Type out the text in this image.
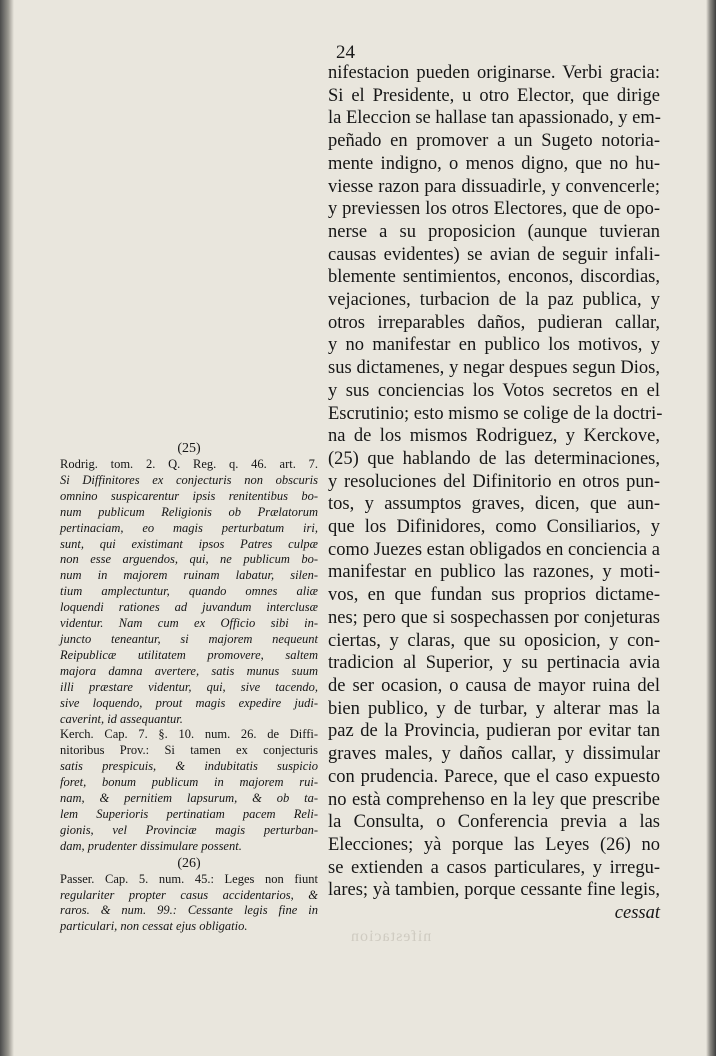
24
nifestacion pueden originarse. Verbi gracia:
Si el Presidente, u otro Elector, que dirige
la Eleccion se hallase tan apassionado, y em-
peñado en promover a un Sugeto notoria-
mente indigno, o menos digno, que no hu-
viesse razon para dissuadirle, y convencerle;
y previessen los otros Electores, que de opo-
nerse a su proposicion (aunque tuvieran
causas evidentes) se avian de seguir infali-
blemente sentimientos, enconos, discordias,
vejaciones, turbacion de la paz publica, y
otros irreparables daños, pudieran callar,
y no manifestar en publico los motivos, y
sus dictamenes, y negar despues segun Dios,
y sus conciencias los Votos secretos en el
Escrutinio; esto mismo se colige de la doctri-
na de los mismos Rodriguez, y Kerckove,
(25) que hablando de las determinaciones,
y resoluciones del Difinitorio en otros pun-
tos, y assumptos graves, dicen, que aun-
que los Difinidores, como Consiliarios, y
como Juezes estan obligados en conciencia a
manifestar en publico las razones, y moti-
vos, en que fundan sus proprios dictame-
nes; pero que si sospechassen por conjeturas
ciertas, y claras, que su oposicion, y con-
tradicion al Superior, y su pertinacia avia
de ser ocasion, o causa de mayor ruina del
bien publico, y de turbar, y alterar mas la
paz de la Provincia, pudieran por evitar tan
graves males, y daños callar, y dissimular
con prudencia. Parece, que el caso expuesto
no està comprehenso en la ley que prescribe
la Consulta, o Conferencia previa a las
Elecciones; yà porque las Leyes (26) no
se extienden a casos particulares, y irregu-
lares; yà tambien, porque cessante fine legis,
cessat
(25)
Rodrig. tom. 2. Q. Reg. q. 46. art. 7.
Si Diffinitores ex conjecturis non obscuris
omnino suspicarentur ipsis renitentibus bo-
num publicum Religionis ob Prælatorum
pertinaciam, eo magis perturbatum iri,
sunt, qui existimant ipsos Patres culpæ
non esse arguendos, qui, ne publicum bo-
num in majorem ruinam labatur, silen-
tium amplectuntur, quando omnes aliæ
loquendi rationes ad juvandum interclusæ
videntur. Nam cum ex Officio sibi in-
juncto teneantur, si majorem nequeunt
Reipublicæ utilitatem promovere, saltem
majora damna avertere, satis munus suum
illi præstare videntur, qui, sive tacendo,
sive loquendo, prout magis expedire judi-
caverint, id assequantur.
Kerch. Cap. 7. §. 10. num. 26. de Diffi-
nitoribus Prov.: Si tamen ex conjecturis
satis prespicuis, & indubitatis suspicio
foret, bonum publicum in majorem rui-
nam, & pernitiem lapsurum, & ob ta-
lem Superioris pertinatiam pacem Reli-
gionis, vel Provinciæ magis perturban-
dam, prudenter dissimulare possent.
(26)
Passer. Cap. 5. num. 45.: Leges non fiunt
regulariter propter casus accidentarios, &
raros. & num. 99.: Cessante legis fine in
particulari, non cessat ejus obligatio.
nifestacion
